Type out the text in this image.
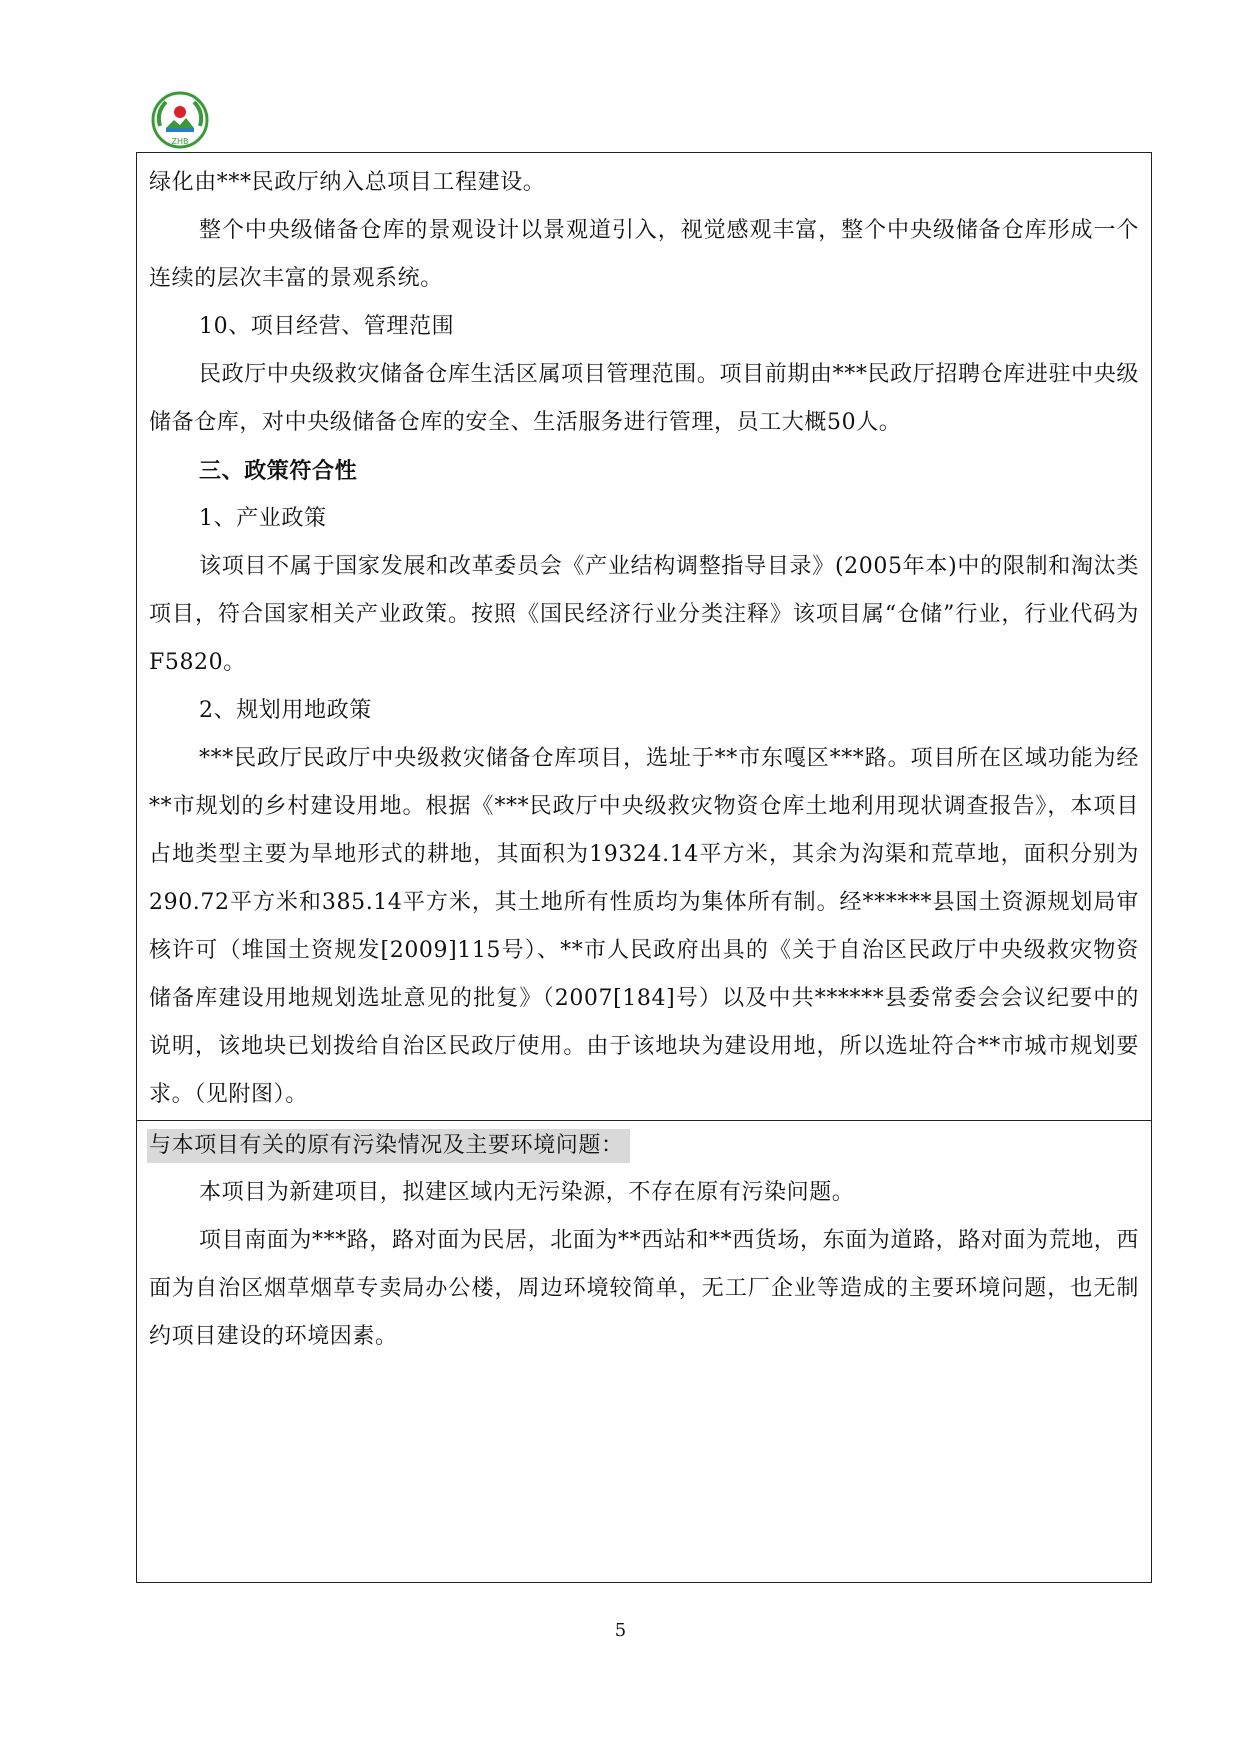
ZHB
绿化由***民政厅纳入总项目工程建设。
整个中央级储备仓库的景观设计以景观道引入，视觉感观丰富，整个中央级储备仓库形成一个连续的层次丰富的景观系统。
10、项目经营、管理范围
民政厅中央级救灾储备仓库生活区属项目管理范围。项目前期由***民政厅招聘仓库进驻中央级储备仓库，对中央级储备仓库的安全、生活服务进行管理，员工大概50人。
三、政策符合性
1、产业政策
该项目不属于国家发展和改革委员会《产业结构调整指导目录》(2005年本)中的限制和淘汰类项目，符合国家相关产业政策。按照《国民经济行业分类注释》该项目属“仓储”行业，行业代码为F5820。
2、规划用地政策
***民政厅民政厅中央级救灾储备仓库项目，选址于**市东嘎区***路。项目所在区域功能为经**市规划的乡村建设用地。根据《***民政厅中央级救灾物资仓库土地利用现状调查报告》，本项目占地类型主要为旱地形式的耕地，其面积为19324.14平方米，其余为沟渠和荒草地，面积分别为290.72平方米和385.14平方米，其土地所有性质均为集体所有制。经******县国土资源规划局审核许可（堆国土资规发[2009]115号）、**市人民政府出具的《关于自治区民政厅中央级救灾物资储备库建设用地规划选址意见的批复》（2007[184]号）以及中共******县委常委会会议纪要中的说明，该地块已划拨给自治区民政厅使用。由于该地块为建设用地，所以选址符合**市城市规划要求。（见附图）。
与本项目有关的原有污染情况及主要环境问题：
本项目为新建项目，拟建区域内无污染源，不存在原有污染问题。
项目南面为***路，路对面为民居，北面为**西站和**西货场，东面为道路，路对面为荒地，西面为自治区烟草烟草专卖局办公楼，周边环境较简单，无工厂企业等造成的主要环境问题，也无制约项目建设的环境因素。
5
